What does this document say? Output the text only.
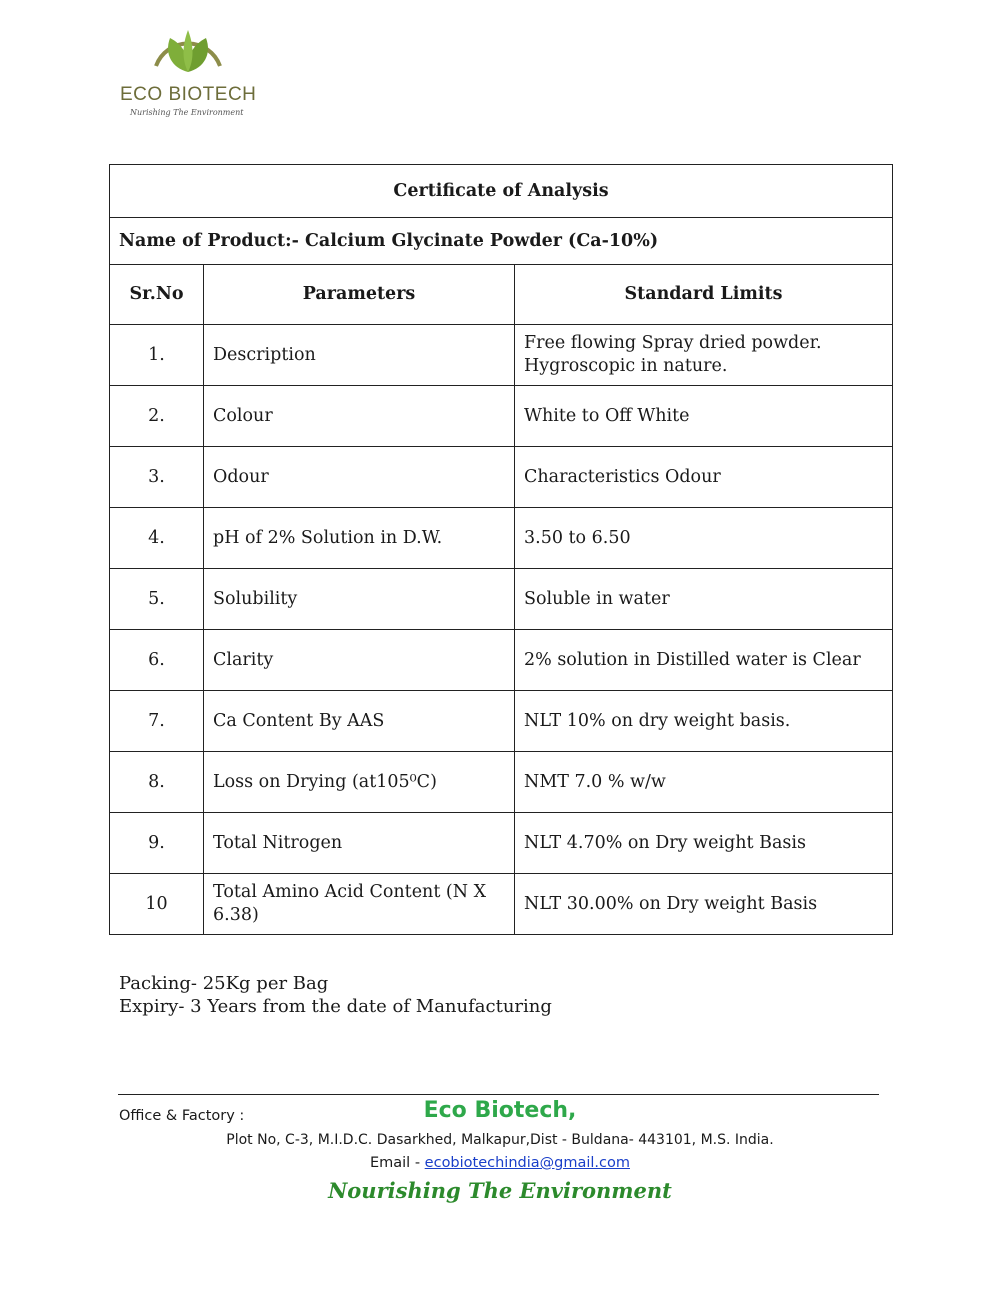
ECO BIOTECH
Nurishing The Environment
Certificate of Analysis		
Name of Product:- Calcium Glycinate Powder (Ca-10%)		
Sr.No	Parameters	Standard Limits
1.	Description	Free flowing Spray dried powder. Hygroscopic in nature.
2.	Colour	White to Off White
3.	Odour	Characteristics Odour
4.	pH of 2% Solution in D.W.	3.50 to 6.50
5.	Solubility	Soluble in water
6.	Clarity	2% solution in Distilled water is Clear
7.	Ca Content By AAS	NLT 10% on dry weight basis.
8.	Loss on Drying (at105⁰C)	NMT 7.0 % w/w
9.	Total Nitrogen	NLT 4.70% on Dry weight Basis
10	Total Amino Acid Content (N X 6.38)	NLT 30.00% on Dry weight Basis
Packing- 25Kg per Bag
Expiry- 3 Years from the date of Manufacturing
Office & Factory :	Eco Biotech,
Plot No, C-3, M.I.D.C. Dasarkhed, Malkapur,Dist - Buldana- 443101, M.S. India.
Email - ecobiotechindia@gmail.com
Nourishing The Environment
